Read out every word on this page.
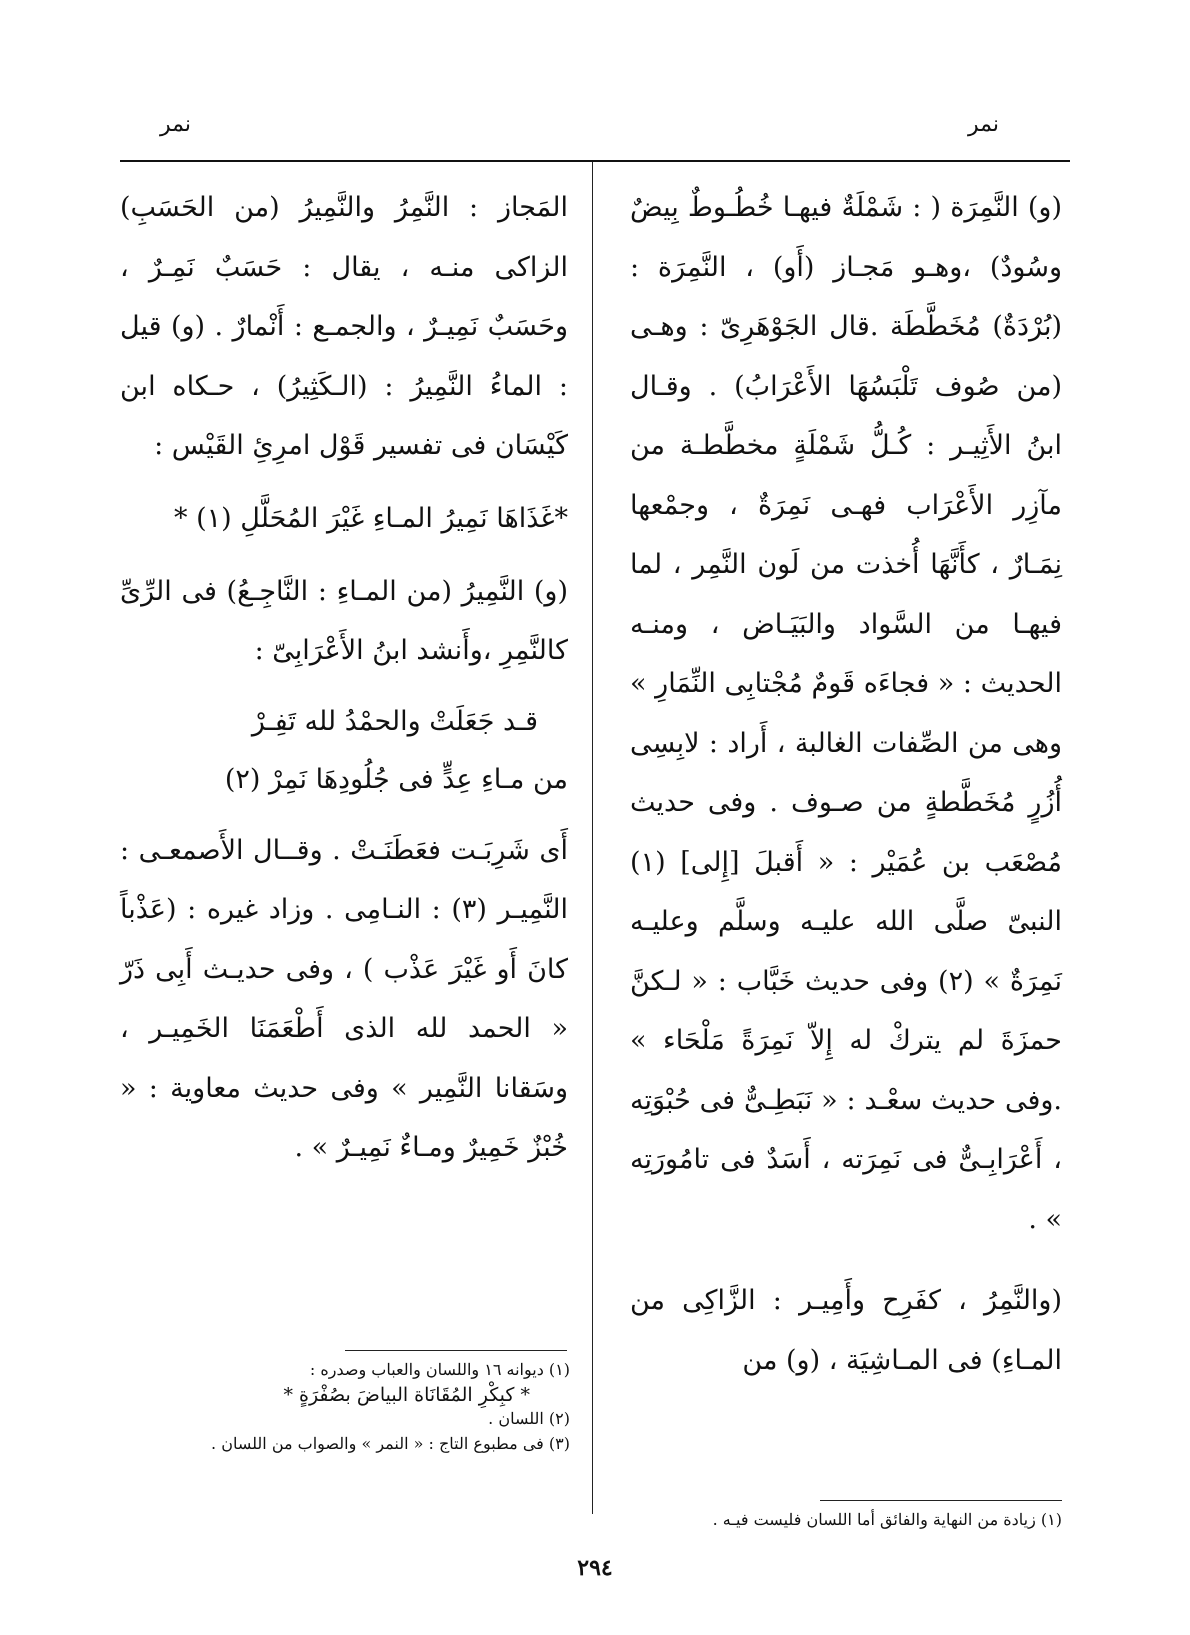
نمر
نمر

(و) النَّمِرَة ( : شَمْلَةٌ فيهـا خُطُـوطٌ بِيضٌ وسُودٌ) ،وهـو مَجـاز (أَو) ، النَّمِرَة : (بُرْدَةٌ) مُخَطَّطَة .قال الجَوْهَرِىّ : وهـى (من صُوف تَلْبَسُهَا الأَعْرَابُ) . وقـال ابنُ الأَثِيـر : كُـلُّ شَمْلَةٍ مخطَّطـة من مآزِر الأَعْرَاب فهـى نَمِرَةٌ ، وجمْعها نِمَـارٌ ، كأَنَّهَا أُخذت من لَون النَّمِر ، لما فيهـا من السَّواد والبَيَـاض ، ومنـه الحديث : « فجاءَه قَومٌ مُجْتابِى النِّمَارِ » وهى من الصِّفات الغالبة ، أَراد : لابِسِى أُزُرٍ مُخَطَّطةٍ من صـوف . وفى حديث مُصْعَب بن عُمَيْر : « أَقبلَ [إِلى] (١) النبىّ صلَّى الله عليـه وسلَّم وعليـه نَمِرَةٌ » (٢) وفى حديث خَبَّاب : « لـكنَّ حمزَةَ لم يتركْ له إِلاّ نَمِرَةً مَلْحَاء » .وفى حديث سعْـد : « نَبَطِـىٌّ فى حُبْوَتِه ، أَعْرَابِـىٌّ فى نَمِرَته ، أَسَدٌ فى تامُورَتِه » .

(والنَّمِرُ ، كفَرِح وأَمِيـر : الزَّاكِى من المـاءِ) فى المـاشِيَة ، (و) من

المَجاز : النَّمِرُ والنَّمِيرُ (من الحَسَبِ) الزاكى منـه ، يقال : حَسَبٌ نَمِـرٌ ، وحَسَبٌ نَمِيـرٌ ، والجمـع : أَنْمارٌ . (و) قيل : الماءُ النَّمِيرُ : (الـكَثِيرُ) ، حـكاه ابن كَيْسَان فى تفسير قَوْل امرِئِ القَيْس :

*غَذَاهَا نَمِيرُ المـاءِ غَيْرَ المُحَلَّلِ (١) *

(و) النَّمِيرُ (من المـاءِ : النَّاجِـعُ) فى الرِّىِّ كالنَّمِرِ ،وأَنشد ابنُ الأَعْرَابِىّ :

قـد جَعَلَتْ والحمْدُ لله تَفِـرْ
من مـاءِ عِدٍّ فى جُلُودِهَا نَمِرْ (٢)

أَى شَرِبَـت فعَطَنَـتْ . وقــال الأَصمعـى : النَّمِيـر (٣) : النـامِى . وزاد غيره : (عَذْباً كانَ أَو غَيْرَ عَذْب ) ، وفى حديـث أَبِى ذَرّ « الحمد لله الذى أَطْعَمَنَا الخَمِيـر ، وسَقانا النَّمِير » وفى حديث معاوية : « خُبْزٌ خَمِيرٌ ومـاءٌ نَمِيـرٌ » .

(١) ديوانه ١٦ واللسان والعباب وصدره :
* كبِكْرِ المُقَانَاة البياضَ بصُفْرَةٍ *
(٢) اللسان .
(٣) فى مطبوع التاج : « النمر » والصواب من اللسان .
(١) زيادة من النهاية والفائق أما اللسان فليست فيـه .
٢٩٤
